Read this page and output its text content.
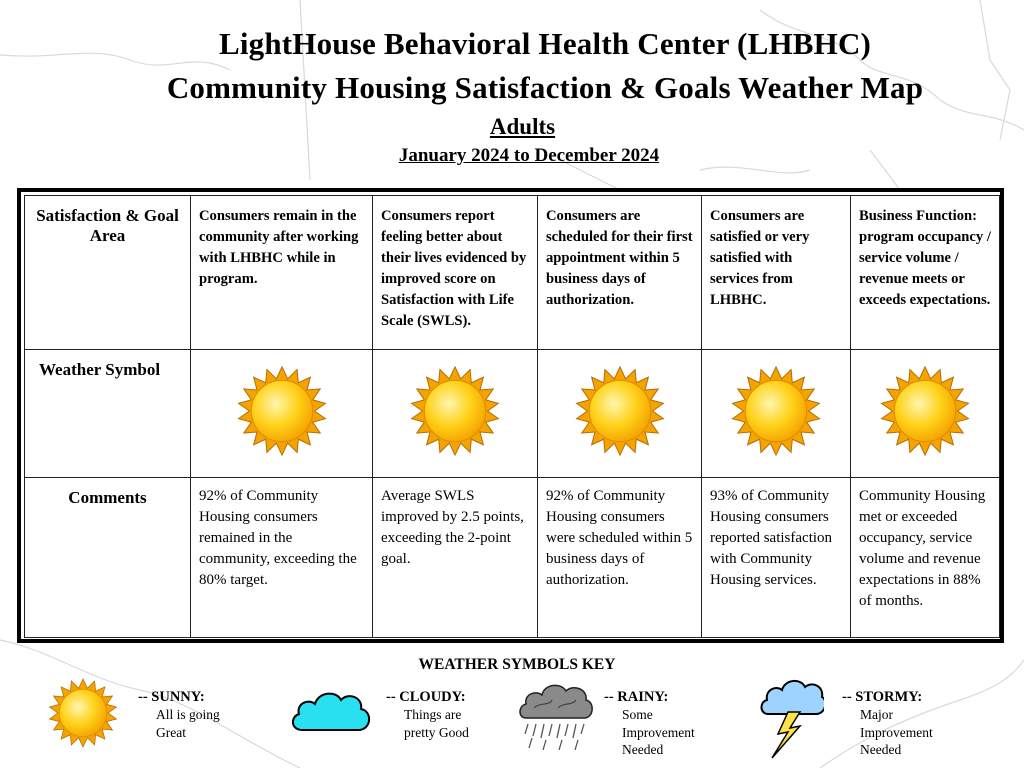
LightHouse Behavioral Health Center (LHBHC)
Community Housing Satisfaction & Goals Weather Map
Adults
January 2024 to December 2024
Satisfaction & Goal Area	Consumers remain in the community after working with LHBHC while in program.	Consumers report feeling better about their lives evidenced by improved score on Satisfaction with Life Scale (SWLS).	Consumers are scheduled for their first appointment within 5 business days of authorization.	Consumers are satisfied or very satisfied with services from LHBHC.	Business Function: program occupancy / service volume / revenue meets or exceeds expectations.
Weather Symbol					
Comments	92% of Community Housing consumers remained in the community, exceeding the 80% target.	Average SWLS improved by 2.5 points, exceeding the 2-point goal.	92% of Community Housing consumers were scheduled within 5 business days of authorization.	93% of Community Housing consumers reported satisfaction with Community Housing services.	Community Housing met or exceeded occupancy, service volume and revenue expectations in 88% of months.
WEATHER SYMBOLS KEY
-- SUNNY:
All is going Great
-- CLOUDY:
Things are pretty Good
-- RAINY:
Some Improvement Needed
-- STORMY:
Major Improvement Needed
